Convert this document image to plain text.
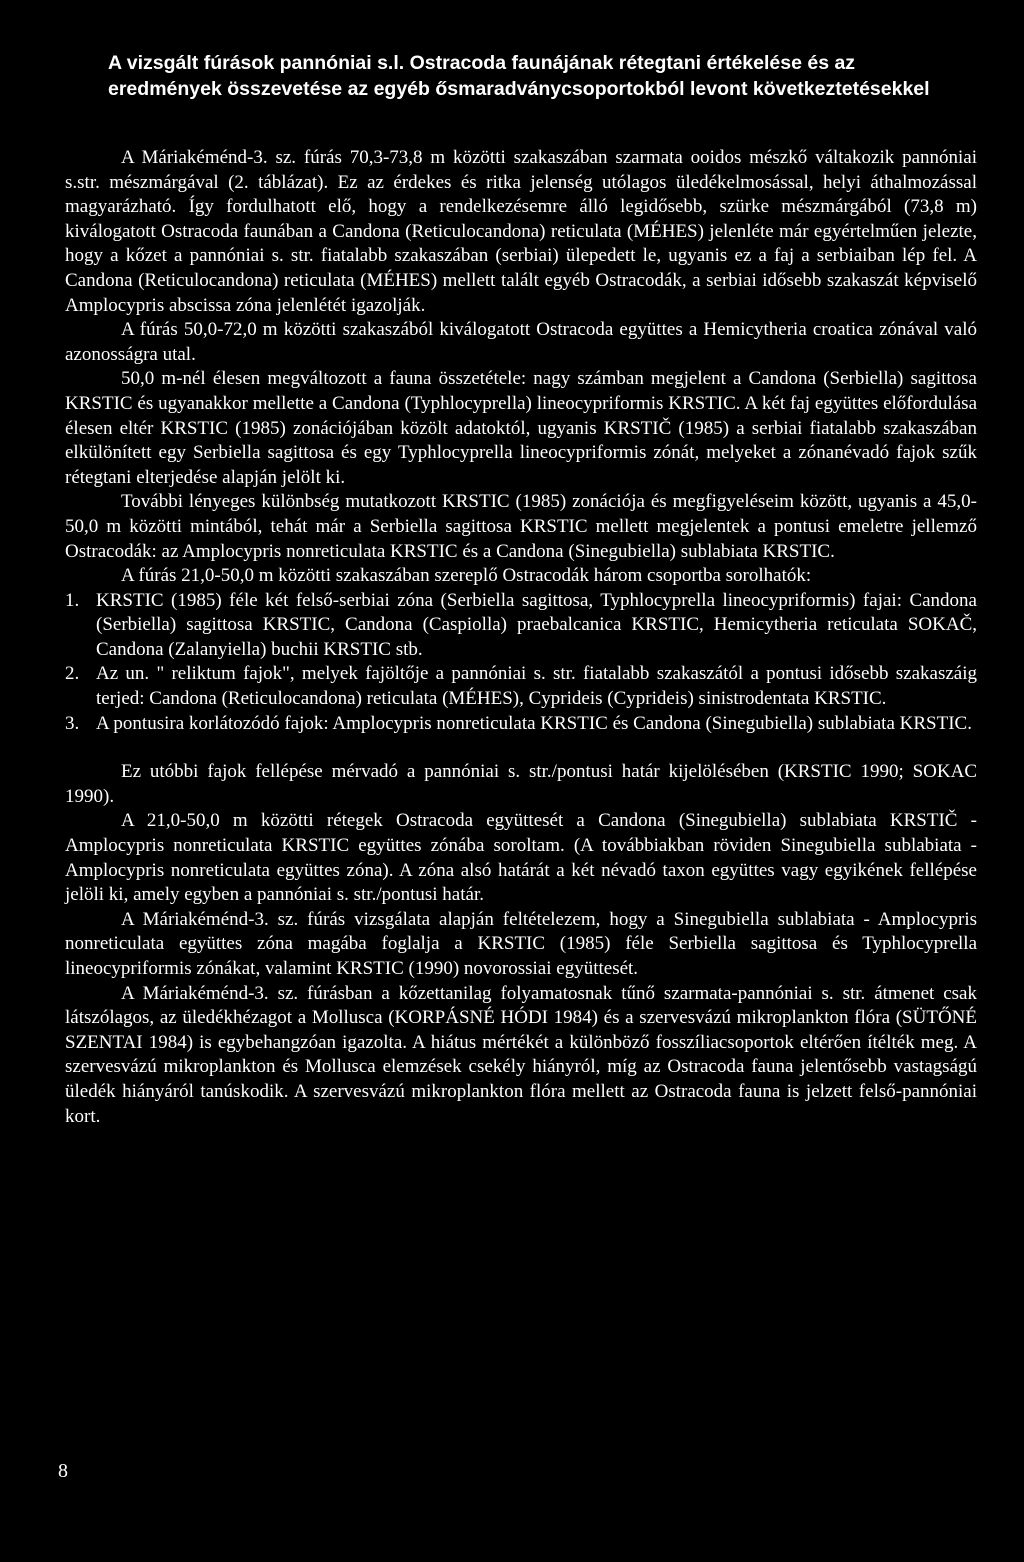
A vizsgált fúrások pannóniai s.l. Ostracoda faunájának rétegtani értékelése és az
eredmények összevetése az egyéb ősmaradványcsoportokból levont következtetésekkel

A Máriakéménd-3. sz. fúrás 70,3-73,8 m közötti szakaszában szarmata ooidos mészkő váltakozik pannóniai s.str. mészmárgával (2. táblázat). Ez az érdekes és ritka jelenség utólagos üledékelmosással, helyi áthalmozással magyarázható. Így fordulhatott elő, hogy a rendelkezésemre álló legidősebb, szürke mészmárgából (73,8 m) kiválogatott Ostracoda faunában a Candona (Reticulocandona) reticulata (MÉHES) jelenléte már egyértelműen jelezte, hogy a kőzet a pannóniai s. str. fiatalabb szakaszában (serbiai) ülepedett le, ugyanis ez a faj a serbiaiban lép fel. A Candona (Reticulocandona) reticulata (MÉHES) mellett talált egyéb Ostracodák, a serbiai idősebb szakaszát képviselő Amplocypris abscissa zóna jelenlétét igazolják.

A fúrás 50,0-72,0 m közötti szakaszából kiválogatott Ostracoda együttes a Hemicytheria croatica zónával való azonosságra utal.

50,0 m-nél élesen megváltozott a fauna összetétele: nagy számban megjelent a Candona (Serbiella) sagittosa KRSTIC és ugyanakkor mellette a Candona (Typhlocyprella) lineocypriformis KRSTIC. A két faj együttes előfordulása élesen eltér KRSTIC (1985) zonációjában közölt adatoktól, ugyanis KRSTIČ (1985) a serbiai fiatalabb szakaszában elkülönített egy Serbiella sagittosa és egy Typhlocyprella lineocypriformis zónát, melyeket a zónanévadó fajok szűk rétegtani elterjedése alapján jelölt ki.

További lényeges különbség mutatkozott KRSTIC (1985) zonációja és megfigyeléseim között, ugyanis a 45,0-50,0 m közötti mintából, tehát már a Serbiella sagittosa KRSTIC mellett megjelentek a pontusi emeletre jellemző Ostracodák: az Amplocypris nonreticulata KRSTIC és a Candona (Sinegubiella) sublabiata KRSTIC.

A fúrás 21,0-50,0 m közötti szakaszában szereplő Ostracodák három csoportba sorolhatók:

1. KRSTIC (1985) féle két felső-serbiai zóna (Serbiella sagittosa, Typhlocyprella lineocypriformis) fajai: Candona (Serbiella) sagittosa KRSTIC, Candona (Caspiolla) praebalcanica KRSTIC, Hemicytheria reticulata SOKAČ, Candona (Zalanyiella) buchii KRSTIC stb.

2. Az un. " reliktum fajok", melyek fajöltője a pannóniai s. str. fiatalabb szakaszától a pontusi idősebb szakaszáig terjed: Candona (Reticulocandona) reticulata (MÉHES), Cyprideis (Cyprideis) sinistrodentata KRSTIC.

3. A pontusira korlátozódó fajok: Amplocypris nonreticulata KRSTIC és Candona (Sinegubiella) sublabiata KRSTIC.

Ez utóbbi fajok fellépése mérvadó a pannóniai s. str./pontusi határ kijelölésében (KRSTIC 1990; SOKAC 1990).

A 21,0-50,0 m közötti rétegek Ostracoda együttesét a Candona (Sinegubiella) sublabiata KRSTIČ - Amplocypris nonreticulata KRSTIC együttes zónába soroltam. (A továbbiakban röviden Sinegubiella sublabiata - Amplocypris nonreticulata együttes zóna). A zóna alsó határát a két névadó taxon együttes vagy egyikének fellépése jelöli ki, amely egyben a pannóniai s. str./pontusi határ.

A Máriakéménd-3. sz. fúrás vizsgálata alapján feltételezem, hogy a Sinegubiella sublabiata - Amplocypris nonreticulata együttes zóna magába foglalja a KRSTIC (1985) féle Serbiella sagittosa és Typhlocyprella lineocypriformis zónákat, valamint KRSTIC (1990) novorossiai együttesét.

A Máriakéménd-3. sz. fúrásban a kőzettanilag folyamatosnak tűnő szarmata-pannóniai s. str. átmenet csak látszólagos, az üledékhézagot a Mollusca (KORPÁSNÉ HÓDI 1984) és a szervesvázú mikroplankton flóra (SÜTŐNÉ SZENTAI 1984) is egybehangzóan igazolta. A hiátus mértékét a különböző fosszíliacsoportok eltérően ítélték meg. A szervesvázú mikroplankton és Mollusca elemzések csekély hiányról, míg az Ostracoda fauna jelentősebb vastagságú üledék hiányáról tanúskodik. A szervesvázú mikroplankton flóra mellett az Ostracoda fauna is jelzett felső-pannóniai kort.

8
